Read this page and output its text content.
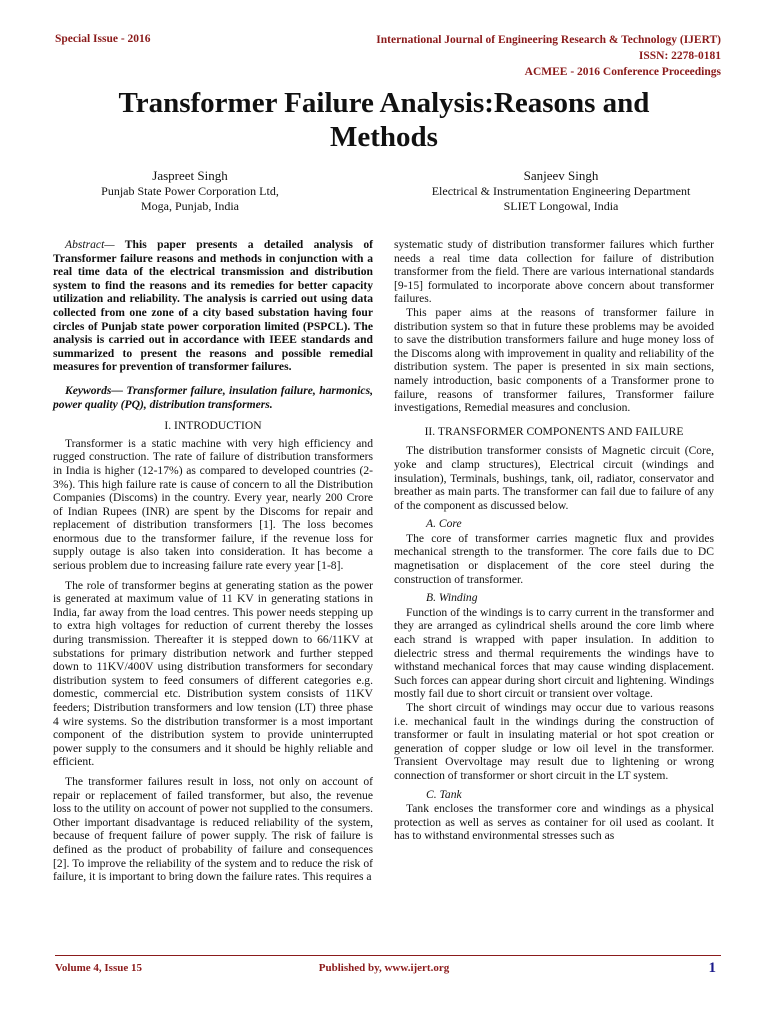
Special Issue - 2016	International Journal of Engineering Research & Technology (IJERT)
ISSN: 2278-0181
ACMEE - 2016 Conference Proceedings
Transformer Failure Analysis:Reasons and
Methods
Jaspreet Singh
Punjab State Power Corporation Ltd,
Moga, Punjab, India
Sanjeev Singh
Electrical & Instrumentation Engineering Department
SLIET Longowal, India

Abstract— This paper presents a detailed analysis of Transformer failure reasons and methods in conjunction with a real time data of the electrical transmission and distribution system to find the reasons and its remedies for better capacity utilization and reliability. The analysis is carried out using data collected from one zone of a city based substation having four circles of Punjab state power corporation limited (PSPCL). The analysis is carried out in accordance with IEEE standards and summarized to present the reasons and possible remedial measures for prevention of transformer failures.

Keywords— Transformer failure, insulation failure, harmonics, power quality (PQ), distribution transformers.

I. INTRODUCTION

Transformer is a static machine with very high efficiency and rugged construction. The rate of failure of distribution transformers in India is higher (12-17%) as compared to developed countries (2-3%). This high failure rate is cause of concern to all the Distribution Companies (Discoms) in the country. Every year, nearly 200 Crore of Indian Rupees (INR) are spent by the Discoms for repair and replacement of distribution transformers [1]. The loss becomes enormous due to the transformer failure, if the revenue loss for supply outage is also taken into consideration. It has become a serious problem due to increasing failure rate every year [1-8].

The role of transformer begins at generating station as the power is generated at maximum value of 11 KV in generating stations in India, far away from the load centres. This power needs stepping up to extra high voltages for reduction of current thereby the losses during transmission. Thereafter it is stepped down to 66/11KV at substations for primary distribution network and further stepped down to 11KV/400V using distribution transformers for secondary distribution system to feed consumers of different categories e.g. domestic, commercial etc. Distribution system consists of 11KV feeders; Distribution transformers and low tension (LT) three phase 4 wire systems. So the distribution transformer is a most important component of the distribution system to provide uninterrupted power supply to the consumers and it should be highly reliable and efficient.

The transformer failures result in loss, not only on account of repair or replacement of failed transformer, but also, the revenue loss to the utility on account of power not supplied to the consumers. Other important disadvantage is reduced reliability of the system, because of frequent failure of power supply. The risk of failure is defined as the product of probability of failure and consequences [2]. To improve the reliability of the system and to reduce the risk of failure, it is important to bring down the failure rates. This requires a

systematic study of distribution transformer failures which further needs a real time data collection for failure of distribution transformer from the field. There are various international standards [9-15] formulated to incorporate above concern about transformer failures.

This paper aims at the reasons of transformer failure in distribution system so that in future these problems may be avoided to save the distribution transformers failure and huge money loss of the Discoms along with improvement in quality and reliability of the distribution system. The paper is presented in six main sections, namely introduction, basic components of a Transformer prone to failure, reasons of transformer failures, Transformer failure investigations, Remedial measures and conclusion.

II. TRANSFORMER COMPONENTS AND FAILURE

The distribution transformer consists of Magnetic circuit (Core, yoke and clamp structures), Electrical circuit (windings and insulation), Terminals, bushings, tank, oil, radiator, conservator and breather as main parts. The transformer can fail due to failure of any of the component as discussed below.

A. Core

The core of transformer carries magnetic flux and provides mechanical strength to the transformer. The core fails due to DC magnetisation or displacement of the core steel during the construction of transformer.

B. Winding

Function of the windings is to carry current in the transformer and they are arranged as cylindrical shells around the core limb where each strand is wrapped with paper insulation. In addition to dielectric stress and thermal requirements the windings have to withstand mechanical forces that may cause winding displacement. Such forces can appear during short circuit and lightening. Windings mostly fail due to short circuit or transient over voltage.

The short circuit of windings may occur due to various reasons i.e. mechanical fault in the windings during the construction of transformer or fault in insulating material or hot spot creation or generation of copper sludge or low oil level in the transformer. Transient Overvoltage may result due to lightening or wrong connection of transformer or short circuit in the LT system.

C. Tank

Tank encloses the transformer core and windings as a physical protection as well as serves as container for oil used as coolant. It has to withstand environmental stresses such as

Volume 4, Issue 15	Published by, www.ijert.org	1
